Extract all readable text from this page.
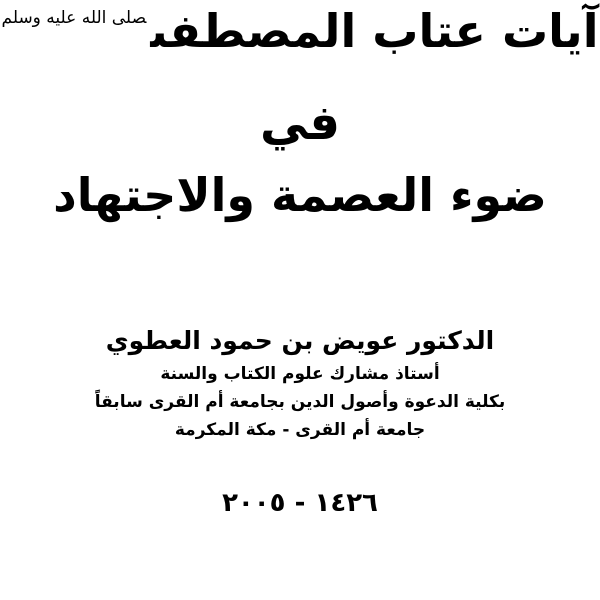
آيات عتاب المصطفى$^{صلى الله عليه وسلم}$
في
ضوء العصمة والاجتهاد
الدكتور عويض بن حمود العطوي
أستاذ مشارك علوم الكتاب والسنة
بكلية الدعوة وأصول الدين بجامعة أم القرى سابقاً
جامعة أم القرى - مكة المكرمة
١٤٢٦ - ٢٠٠٥
